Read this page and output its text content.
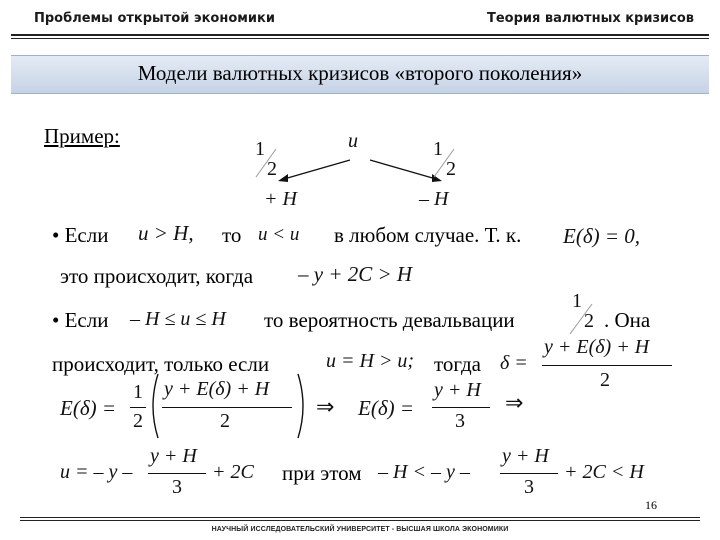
Проблемы открытой экономики	Теория валютных кризисов
Модели валютных кризисов «второго поколения»
Пример:	u
1
2
1
2
+ H	– H
• Если u > H, то u < u в любом случае. Т. к. E(δ) = 0,
это происходит, когда – y + 2C > H
• Если – H ≤ u ≤ H то вероятность девальвации
1
2 . Она
происходит, только если	u = H > u; тогда δ =
y + E(δ) + H
2
E(δ) =
1
2
y + E(δ) + H
2
⇒ E(δ) =
y + H
3
⇒
u = – y –
y + H
3
+ 2C при этом – H < – y –
y + H
3
+ 2C < H
16
НАУЧНЫЙ ИССЛЕДОВАТЕЛЬСКИЙ УНИВЕРСИТЕТ - ВЫСШАЯ ШКОЛА ЭКОНОМИКИ
